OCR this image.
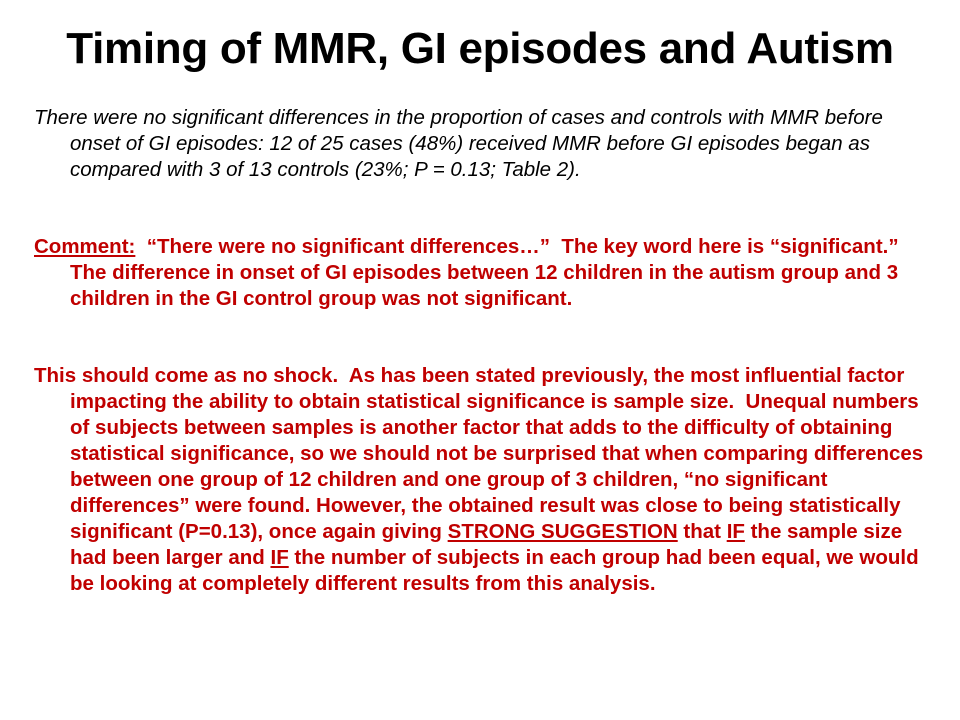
Timing of MMR, GI episodes and Autism
There were no significant differences in the proportion of cases and controls with MMR before onset of GI episodes: 12 of 25 cases (48%) received MMR before GI episodes began as compared with 3 of 13 controls (23%; P = 0.13; Table 2).
Comment:  “There were no significant differences…”  The key word here is “significant.”  The difference in onset of GI episodes between 12 children in the autism group and 3 children in the GI control group was not significant.
This should come as no shock.  As has been stated previously, the most influential factor impacting the ability to obtain statistical significance is sample size.  Unequal numbers of subjects between samples is another factor that adds to the difficulty of obtaining statistical significance, so we should not be surprised that when comparing differences between one group of 12 children and one group of 3 children, “no significant differences” were found. However, the obtained result was close to being statistically significant (P=0.13), once again giving STRONG SUGGESTION that IF the sample size had been larger and IF the number of subjects in each group had been equal, we would be looking at completely different results from this analysis.
